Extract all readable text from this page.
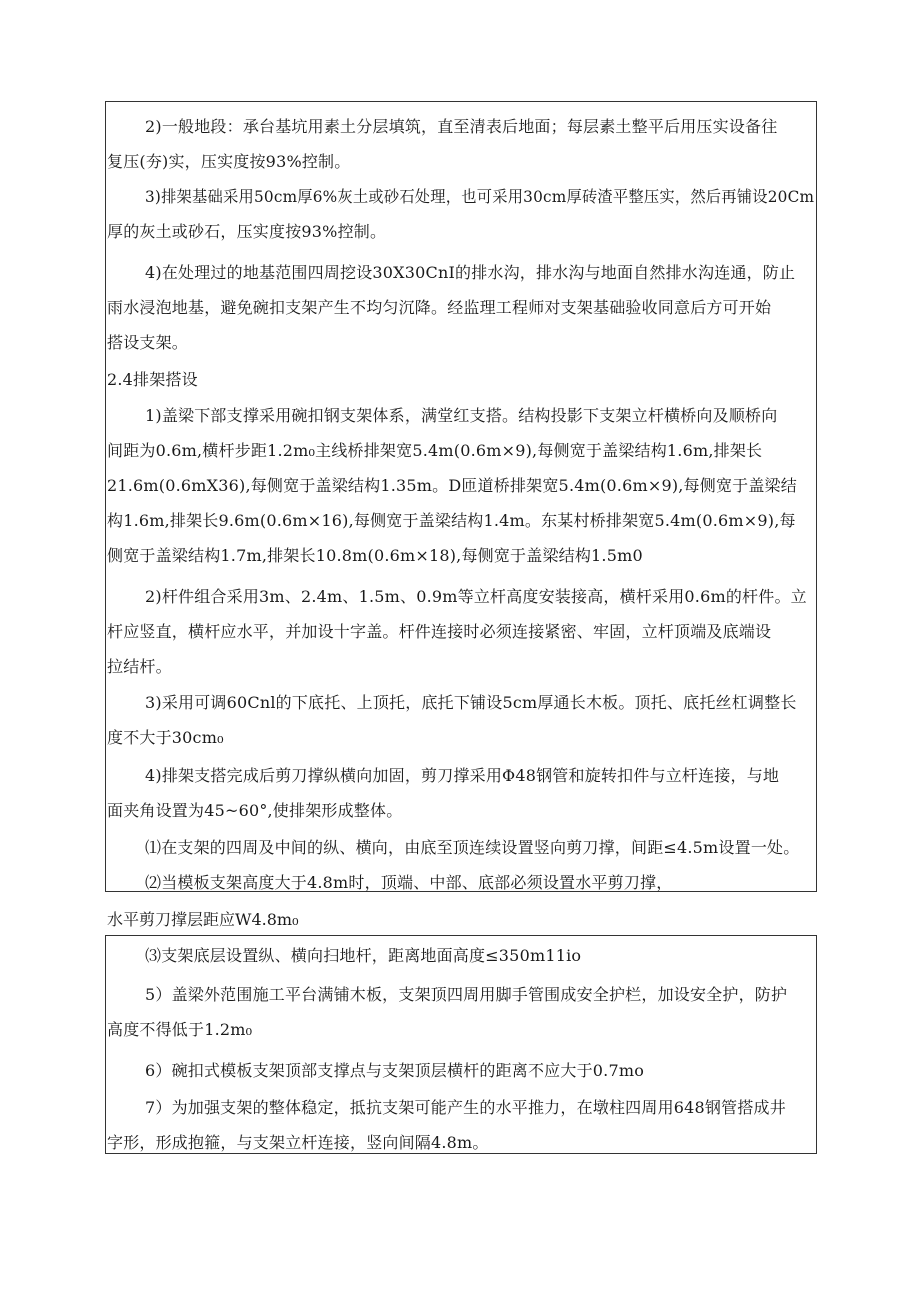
2)一般地段：承台基坑用素土分层填筑，直至清表后地面；每层素土整平后用压实设备往
复压(夯)实，压实度按93%控制。
3)排架基础采用50cm厚6%灰土或砂石处理，也可采用30cm厚砖渣平整压实，然后再铺设20Cm
厚的灰土或砂石，压实度按93%控制。
4)在处理过的地基范围四周挖设30X30CnI的排水沟，排水沟与地面自然排水沟连通，防止
雨水浸泡地基，避免碗扣支架产生不均匀沉降。经监理工程师对支架基础验收同意后方可开始
搭设支架。
2.4排架搭设
1)盖梁下部支撑采用碗扣钢支架体系，满堂红支搭。结构投影下支架立杆横桥向及顺桥向
间距为0.6m,横杆步距1.2m₀主线桥排架宽5.4m(0.6m×9),每侧宽于盖梁结构1.6m,排架长
21.6m(0.6mX36),每侧宽于盖梁结构1.35m。D匝道桥排架宽5.4m(0.6m×9),每侧宽于盖梁结
构1.6m,排架长9.6m(0.6m×16),每侧宽于盖梁结构1.4m。东某村桥排架宽5.4m(0.6m×9),每
侧宽于盖梁结构1.7m,排架长10.8m(0.6m×18),每侧宽于盖梁结构1.5m0
2)杆件组合采用3m、2.4m、1.5m、0.9m等立杆高度安装接高，横杆采用0.6m的杆件。立
杆应竖直，横杆应水平，并加设十字盖。杆件连接时必须连接紧密、牢固，立杆顶端及底端设
拉结杆。
3)采用可调60Cnl的下底托、上顶托，底托下铺设5cm厚通长木板。顶托、底托丝杠调整长
度不大于30cm₀
4)排架支搭完成后剪刀撑纵横向加固，剪刀撑采用Φ48钢管和旋转扣件与立杆连接，与地
面夹角设置为45~60°,使排架形成整体。
⑴在支架的四周及中间的纵、横向，由底至顶连续设置竖向剪刀撑，间距≤4.5m设置一处。
⑵当模板支架高度大于4.8m时，顶端、中部、底部必须设置水平剪刀撑，
水平剪刀撑层距应W4.8m₀
⑶支架底层设置纵、横向扫地杆，距离地面高度≤350m11io
5）盖梁外范围施工平台满铺木板，支架顶四周用脚手管围成安全护栏，加设安全护，防护
高度不得低于1.2m₀
6）碗扣式模板支架顶部支撑点与支架顶层横杆的距离不应大于0.7mo
7）为加强支架的整体稳定，抵抗支架可能产生的水平推力，在墩柱四周用648钢管搭成井
字形，形成抱箍，与支架立杆连接，竖向间隔4.8m。
